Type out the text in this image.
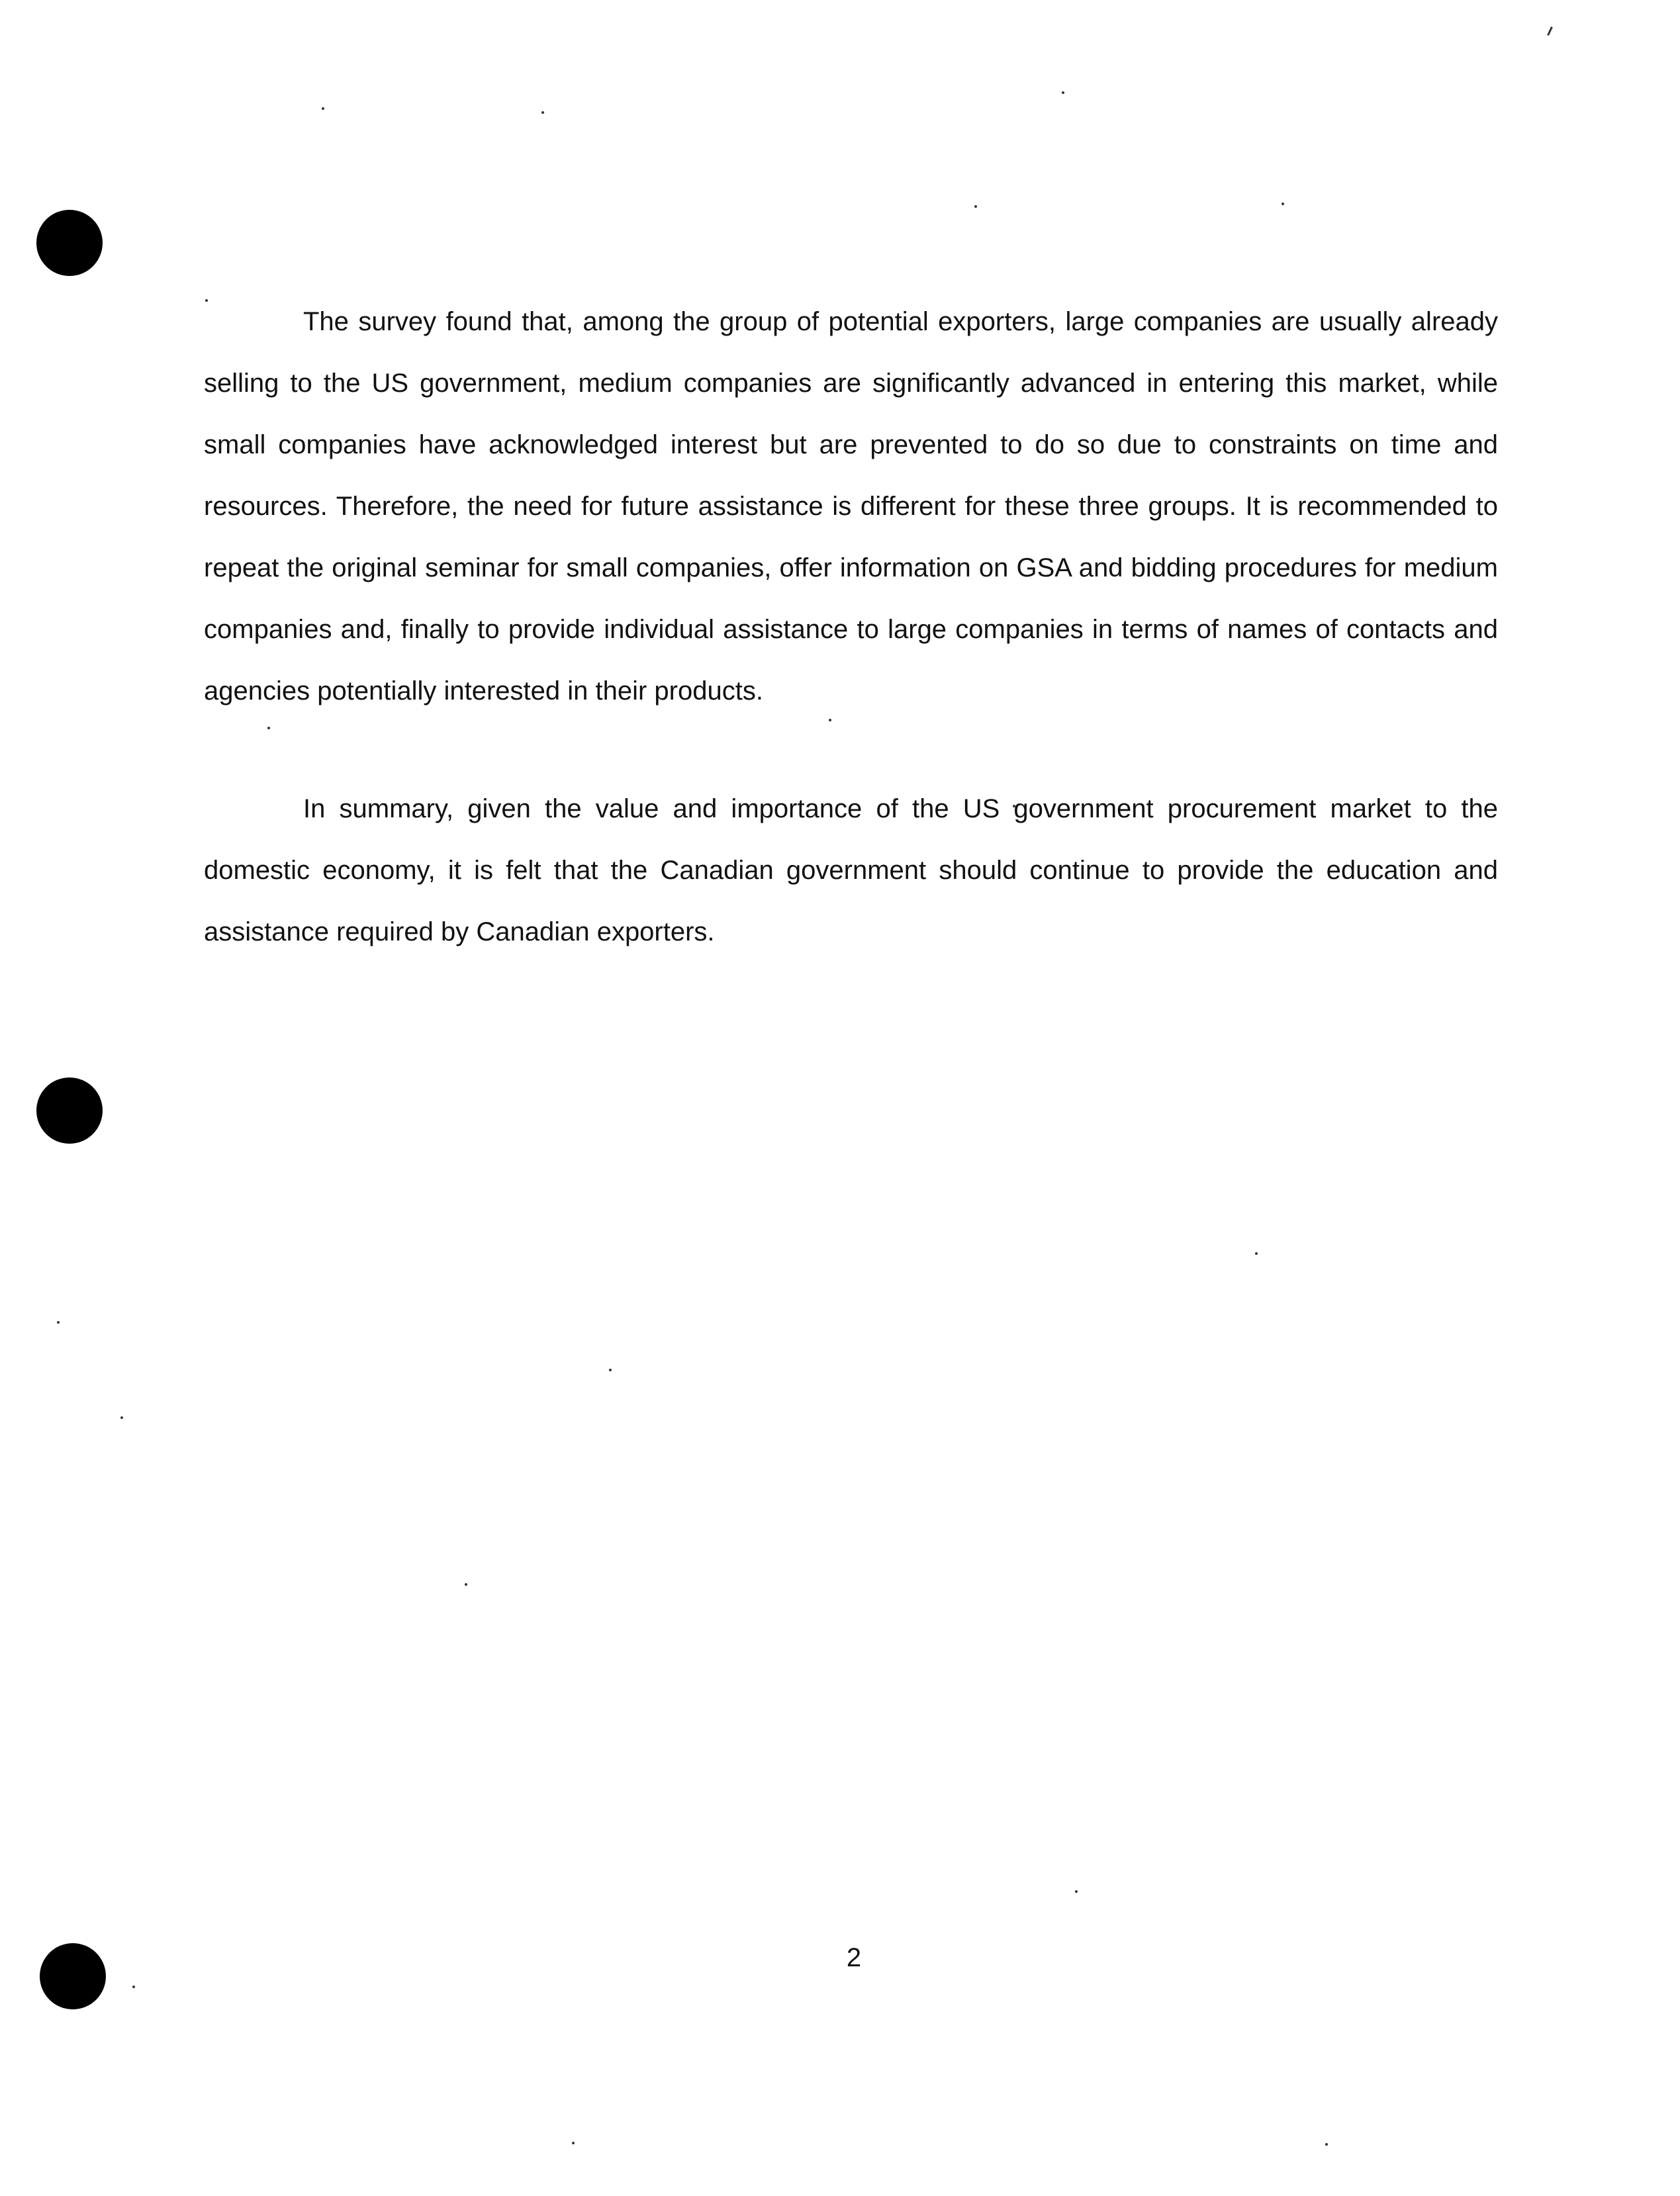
The survey found that, among the group of potential exporters, large companies are usually already selling to the US government, medium companies are significantly advanced in entering this market, while small companies have acknowledged interest but are prevented to do so due to constraints on time and resources. Therefore, the need for future assistance is different for these three groups. It is recommended to repeat the original seminar for small companies, offer information on GSA and bidding procedures for medium companies and, finally to provide individual assistance to large companies in terms of names of contacts and agencies potentially interested in their products.

In summary, given the value and importance of the US government procurement market to the domestic economy, it is felt that the Canadian government should continue to provide the education and assistance required by Canadian exporters.

2
